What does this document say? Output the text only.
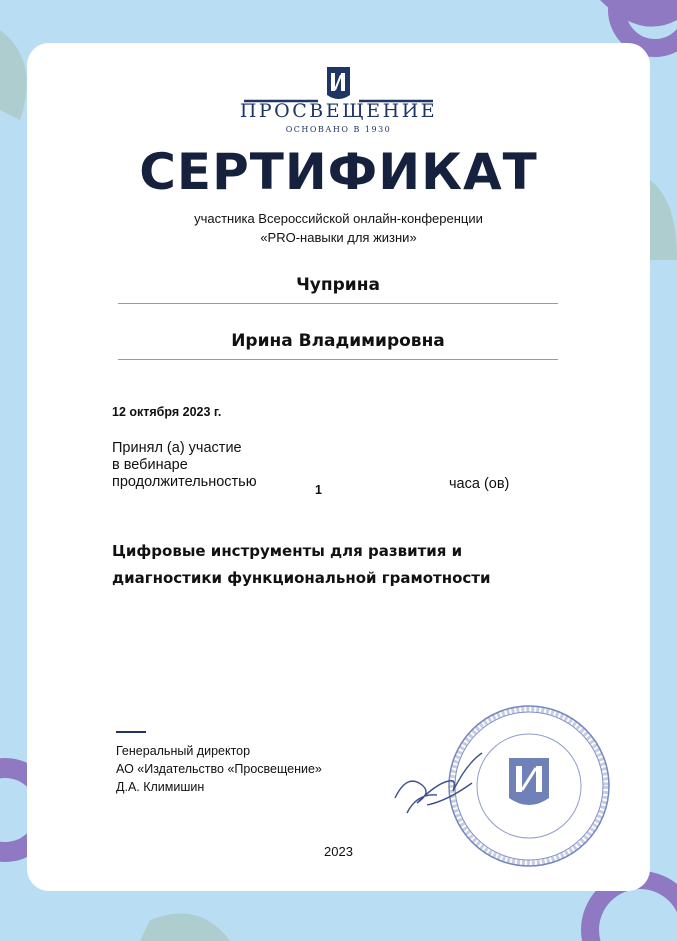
ПРОСВЕЩЕНИЕ
ОСНОВАНО В 1930
СЕРТИФИКАТ
участника Всероссийской онлайн-конференции
«PRO-навыки для жизни»
Чуприна
Ирина Владимировна
12 октября 2023 г.
Принял (а) участие
в вебинаре
продолжительностью	1	часа (ов)
Цифровые инструменты для развития и
диагностики функциональной грамотности
Генеральный директор
АО «Издательство «Просвещение»
Д.А. Климишин
2023
